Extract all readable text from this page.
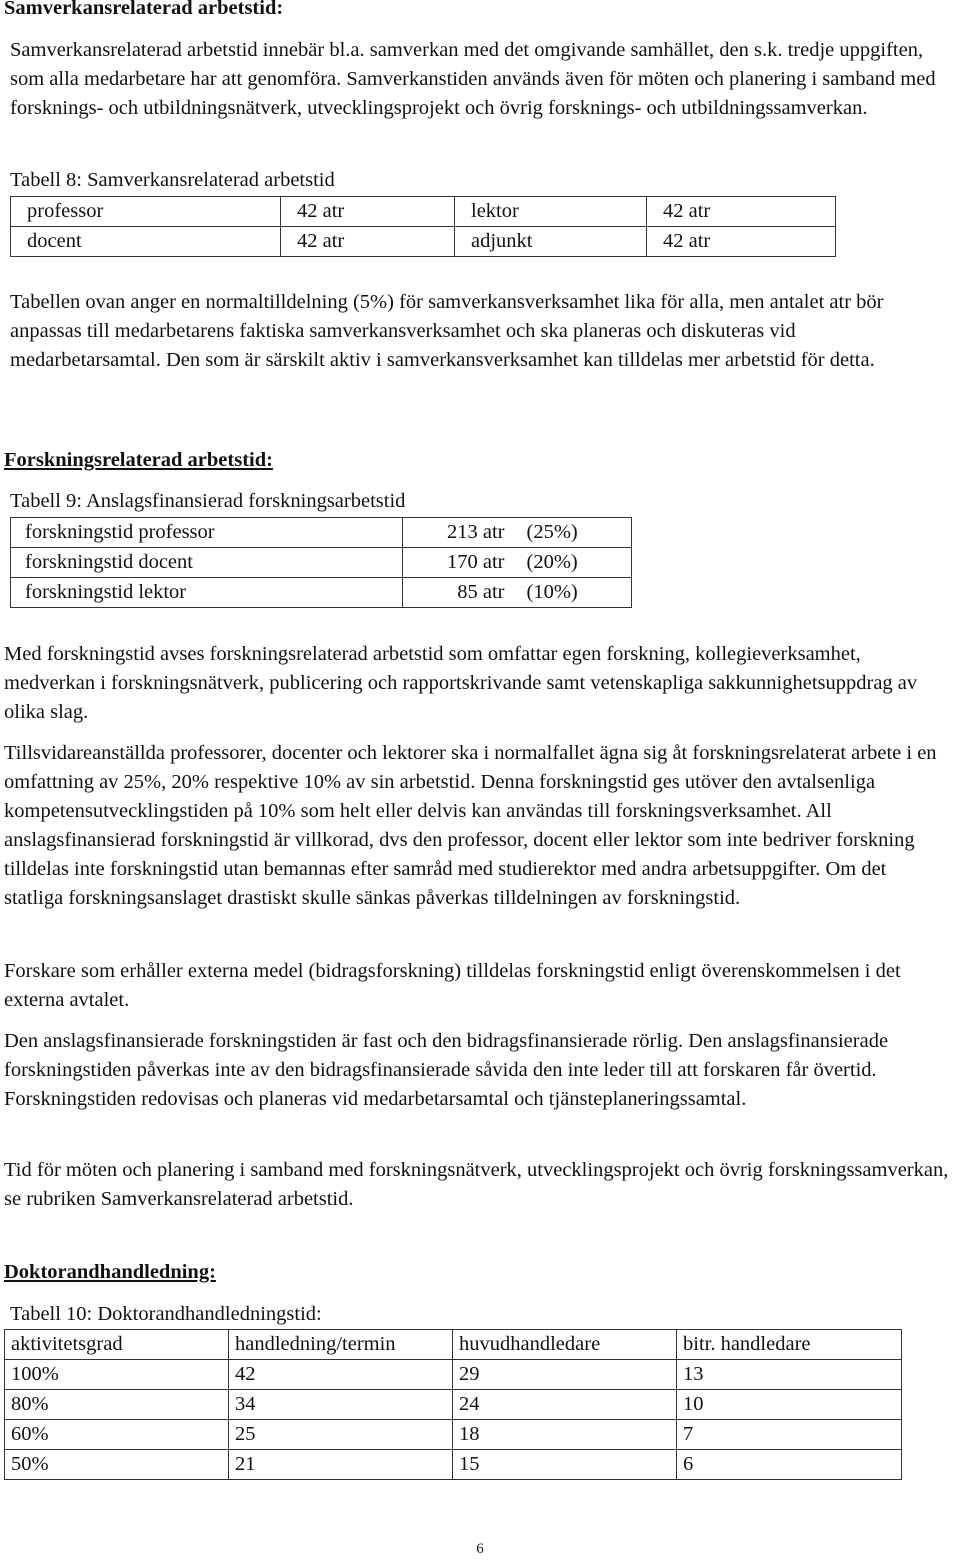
Samverkansrelaterad arbetstid:

Samverkansrelaterad arbetstid innebär bl.a. samverkan med det omgivande samhället, den s.k. tredje uppgiften, som alla medarbetare har att genomföra. Samverkanstiden används även för möten och planering i samband med forsknings- och utbildningsnätverk, utvecklingsprojekt och övrig forsknings- och utbildningssamverkan.

Tabell 8: Samverkansrelaterad arbetstid

professor	42 atr	lektor	42 atr
docent	42 atr	adjunkt	42 atr

Tabellen ovan anger en normaltilldelning (5%) för samverkansverksamhet lika för alla, men antalet atr bör anpassas till medarbetarens faktiska samverkansverksamhet och ska planeras och diskuteras vid medarbetarsamtal. Den som är särskilt aktiv i samverkansverksamhet kan tilldelas mer arbetstid för detta.

Forskningsrelaterad arbetstid:

Tabell 9: Anslagsfinansierad forskningsarbetstid

forskningstid professor	213 atr	(25%)
forskningstid docent	170 atr	(20%)
forskningstid lektor	85 atr	(10%)

Med forskningstid avses forskningsrelaterad arbetstid som omfattar egen forskning, kollegieverksamhet, medverkan i forskningsnätverk, publicering och rapportskrivande samt vetenskapliga sakkunnighetsuppdrag av olika slag.

Tillsvidareanställda professorer, docenter och lektorer ska i normalfallet ägna sig åt forskningsrelaterat arbete i en omfattning av 25%, 20% respektive 10% av sin arbetstid. Denna forskningstid ges utöver den avtalsenliga kompetensutvecklingstiden på 10% som helt eller delvis kan användas till forskningsverksamhet. All anslagsfinansierad forskningstid är villkorad, dvs den professor, docent eller lektor som inte bedriver forskning tilldelas inte forskningstid utan bemannas efter samråd med studierektor med andra arbetsuppgifter. Om det statliga forskningsanslaget drastiskt skulle sänkas påverkas tilldelningen av forskningstid.

Forskare som erhåller externa medel (bidragsforskning) tilldelas forskningstid enligt överenskommelsen i det externa avtalet.

Den anslagsfinansierade forskningstiden är fast och den bidragsfinansierade rörlig. Den anslagsfinansierade forskningstiden påverkas inte av den bidragsfinansierade såvida den inte leder till att forskaren får övertid. Forskningstiden redovisas och planeras vid medarbetarsamtal och tjänsteplaneringssamtal.

Tid för möten och planering i samband med forskningsnätverk, utvecklingsprojekt och övrig forskningssamverkan, se rubriken Samverkansrelaterad arbetstid.

Doktorandhandledning:

Tabell 10: Doktorandhandledningstid:

aktivitetsgrad	handledning/termin	huvudhandledare	bitr. handledare
100%	42	29	13
80%	34	24	10
60%	25	18	7
50%	21	15	6
6
